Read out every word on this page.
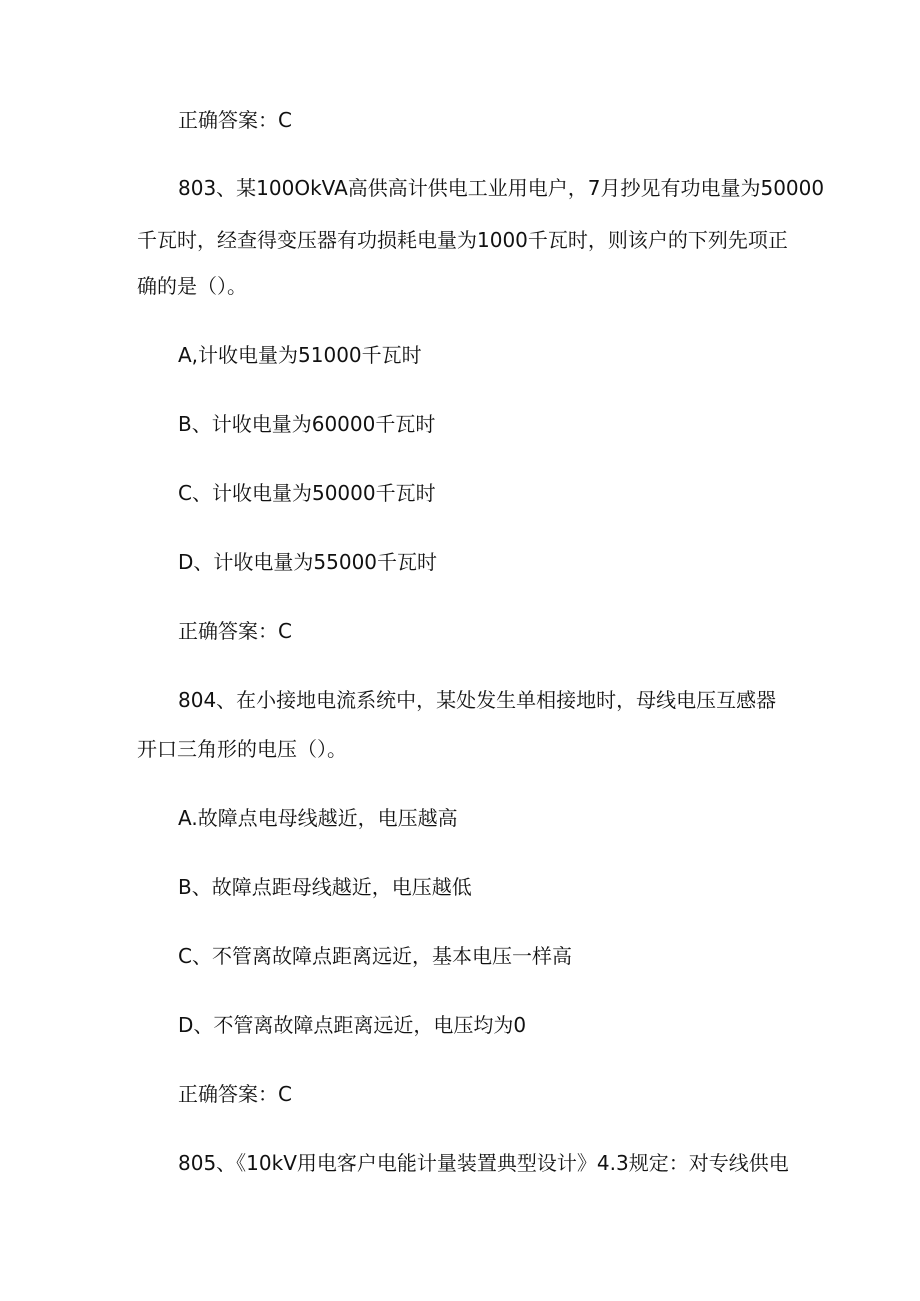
正确答案：C
803、某100OkVA高供高计供电工业用电户，7月抄见有功电量为50000
千瓦时，经查得变压器有功损耗电量为1000千瓦时，则该户的下列先项正
确的是（）。
A,计收电量为51000千瓦时
B、计收电量为60000千瓦时
C、计收电量为50000千瓦时
D、计收电量为55000千瓦时
正确答案：C
804、在小接地电流系统中，某处发生单相接地时，母线电压互感器
开口三角形的电压（）。
A.故障点电母线越近，电压越高
B、故障点距母线越近，电压越低
C、不管离故障点距离远近，基本电压一样高
D、不管离故障点距离远近，电压均为0
正确答案：C
805、《10kV用电客户电能计量装置典型设计》4.3规定：对专线供电
